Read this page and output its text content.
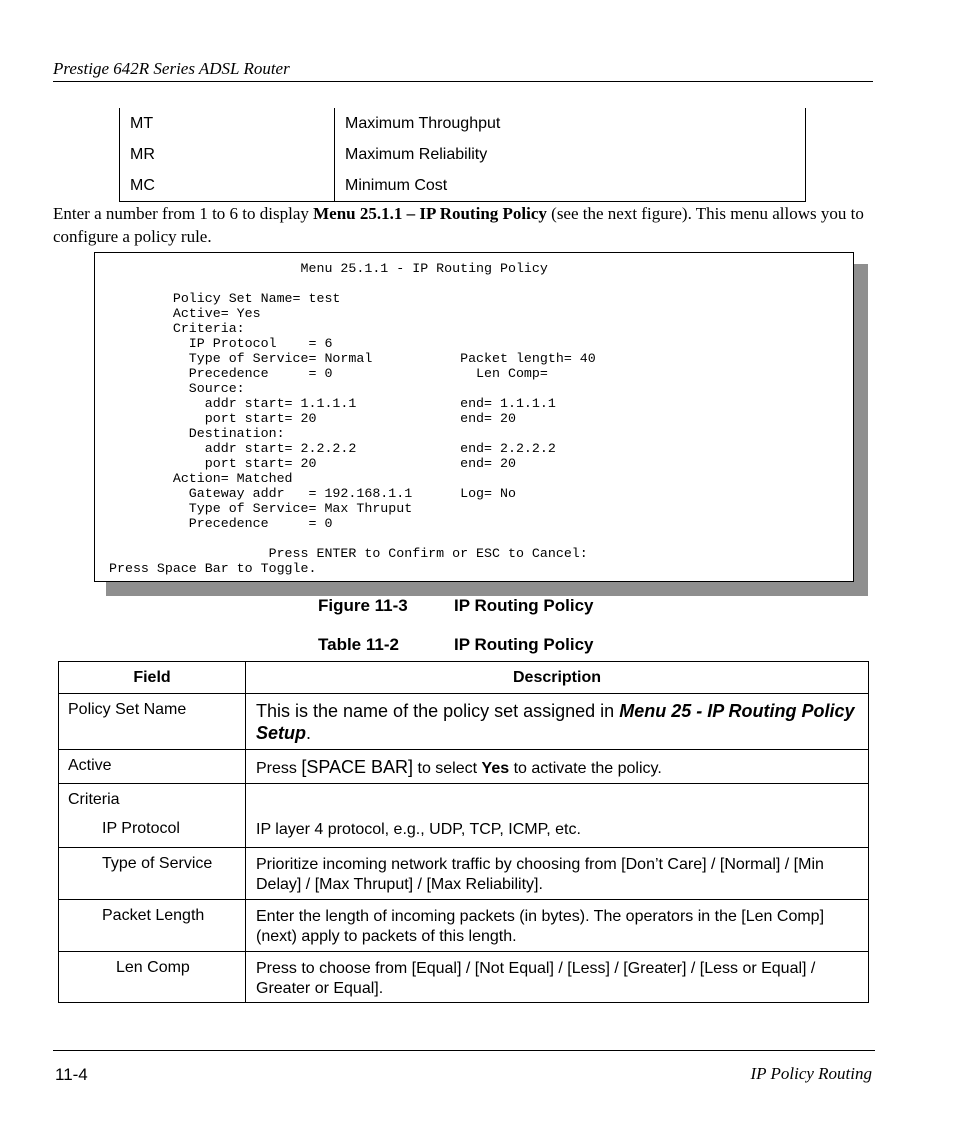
Prestige 642R Series ADSL Router
MT	Maximum Throughput
MR	Maximum Reliability
MC	Minimum Cost
Enter a number from 1 to 6 to display Menu 25.1.1 – IP Routing Policy (see the next figure). This menu allows you to configure a policy rule.
Menu 25.1.1 - IP Routing Policy

Policy Set Name= test
Active= Yes
Criteria:
IP Protocol    = 6
Type of Service= Normal           Packet length= 40
Precedence     = 0                  Len Comp=
Source:
addr start= 1.1.1.1             end= 1.1.1.1
port start= 20                  end= 20
Destination:
addr start= 2.2.2.2             end= 2.2.2.2
port start= 20                  end= 20
Action= Matched
Gateway addr   = 192.168.1.1      Log= No
Type of Service= Max Thruput
Precedence     = 0

Press ENTER to Confirm or ESC to Cancel:
Press Space Bar to Toggle.
Figure 11-3	IP Routing Policy
Table 11-2	IP Routing Policy
Field	Description
Policy Set Name	This is the name of the policy set assigned in Menu 25 - IP Routing Policy Setup.
Active	Press [SPACE BAR] to select Yes to activate the policy.

Criteria
IP Protocol	IP layer 4 protocol, e.g., UDP, TCP, ICMP, etc.

Type of Service	Prioritize incoming network traffic by choosing from [Don’t Care] / [Normal] / [Min Delay] / [Max Thruput] / [Max Reliability].

Packet Length	Enter the length of incoming packets (in bytes). The operators in the [Len Comp] (next) apply to packets of this length.

Len Comp	Press to choose from [Equal] / [Not Equal] / [Less] / [Greater] / [Less or Equal] / Greater or Equal].
11-4	IP Policy Routing
